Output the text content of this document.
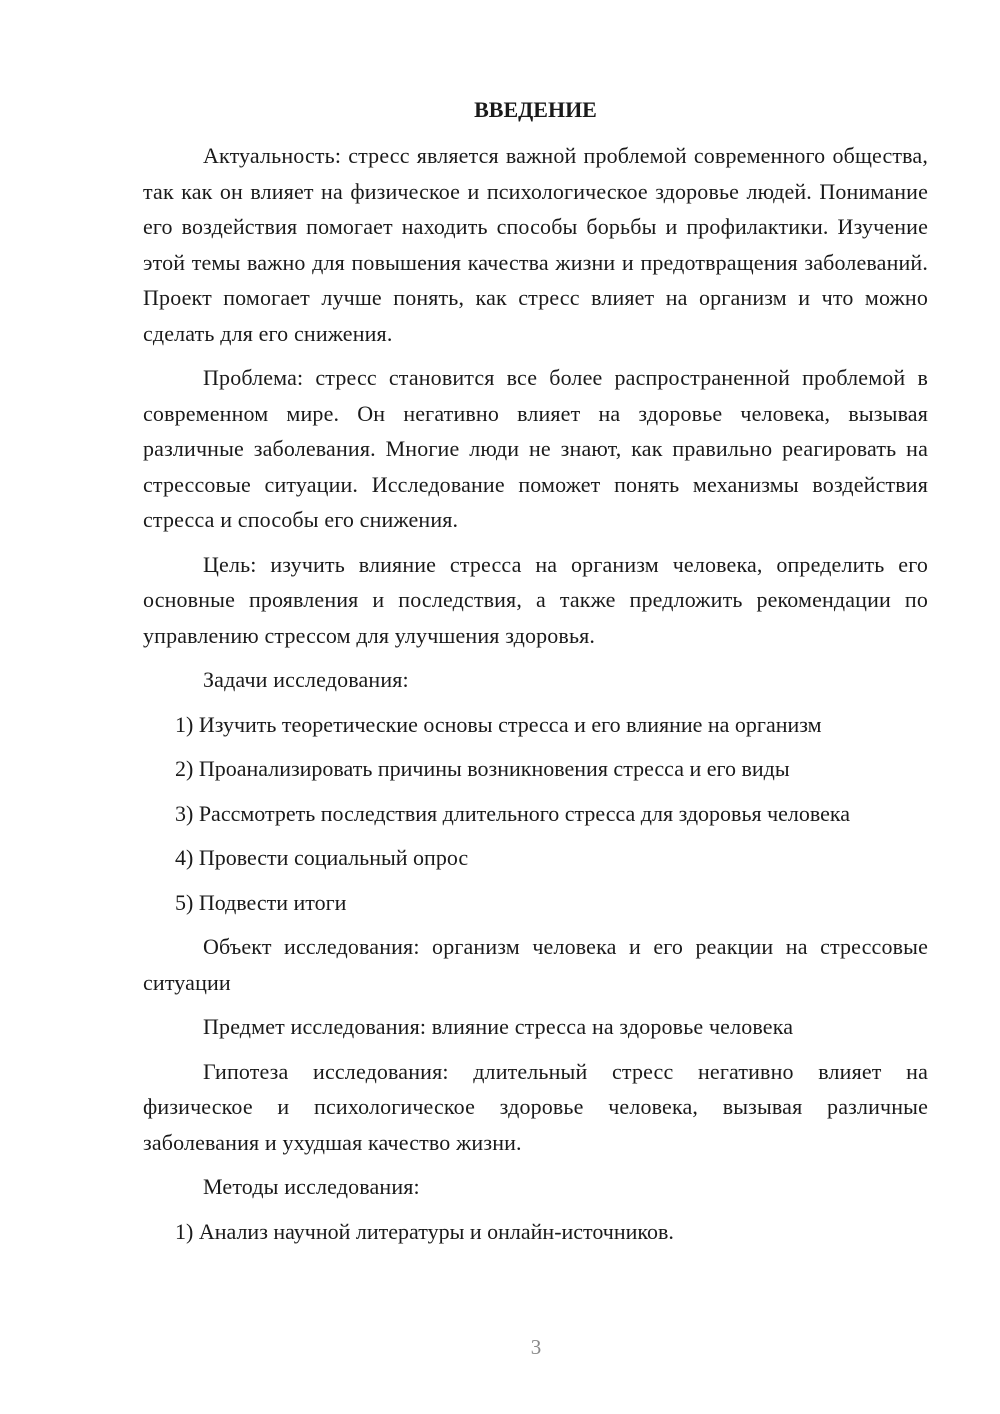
ВВЕДЕНИЕ

Актуальность: стресс является важной проблемой современного общества, так как он влияет на физическое и психологическое здоровье людей. Понимание его воздействия помогает находить способы борьбы и профилактики. Изучение этой темы важно для повышения качества жизни и предотвращения заболеваний. Проект помогает лучше понять, как стресс влияет на организм и что можно сделать для его снижения.

Проблема: стресс становится все более распространенной проблемой в современном мире. Он негативно влияет на здоровье человека, вызывая различные заболевания. Многие люди не знают, как правильно реагировать на стрессовые ситуации. Исследование поможет понять механизмы воздействия стресса и способы его снижения.

Цель: изучить влияние стресса на организм человека, определить его основные проявления и последствия, а также предложить рекомендации по управлению стрессом для улучшения здоровья.

Задачи исследования:

1) Изучить теоретические основы стресса и его влияние на организм

2) Проанализировать причины возникновения стресса и его виды

3) Рассмотреть последствия длительного стресса для здоровья человека

4) Провести социальный опрос

5) Подвести итоги

Объект исследования: организм человека и его реакции на стрессовые ситуации

Предмет исследования: влияние стресса на здоровье человека

Гипотеза исследования: длительный стресс негативно влияет на физическое и психологическое здоровье человека, вызывая различные заболевания и ухудшая качество жизни.

Методы исследования:

1) Анализ научной литературы и онлайн-источников.

3
